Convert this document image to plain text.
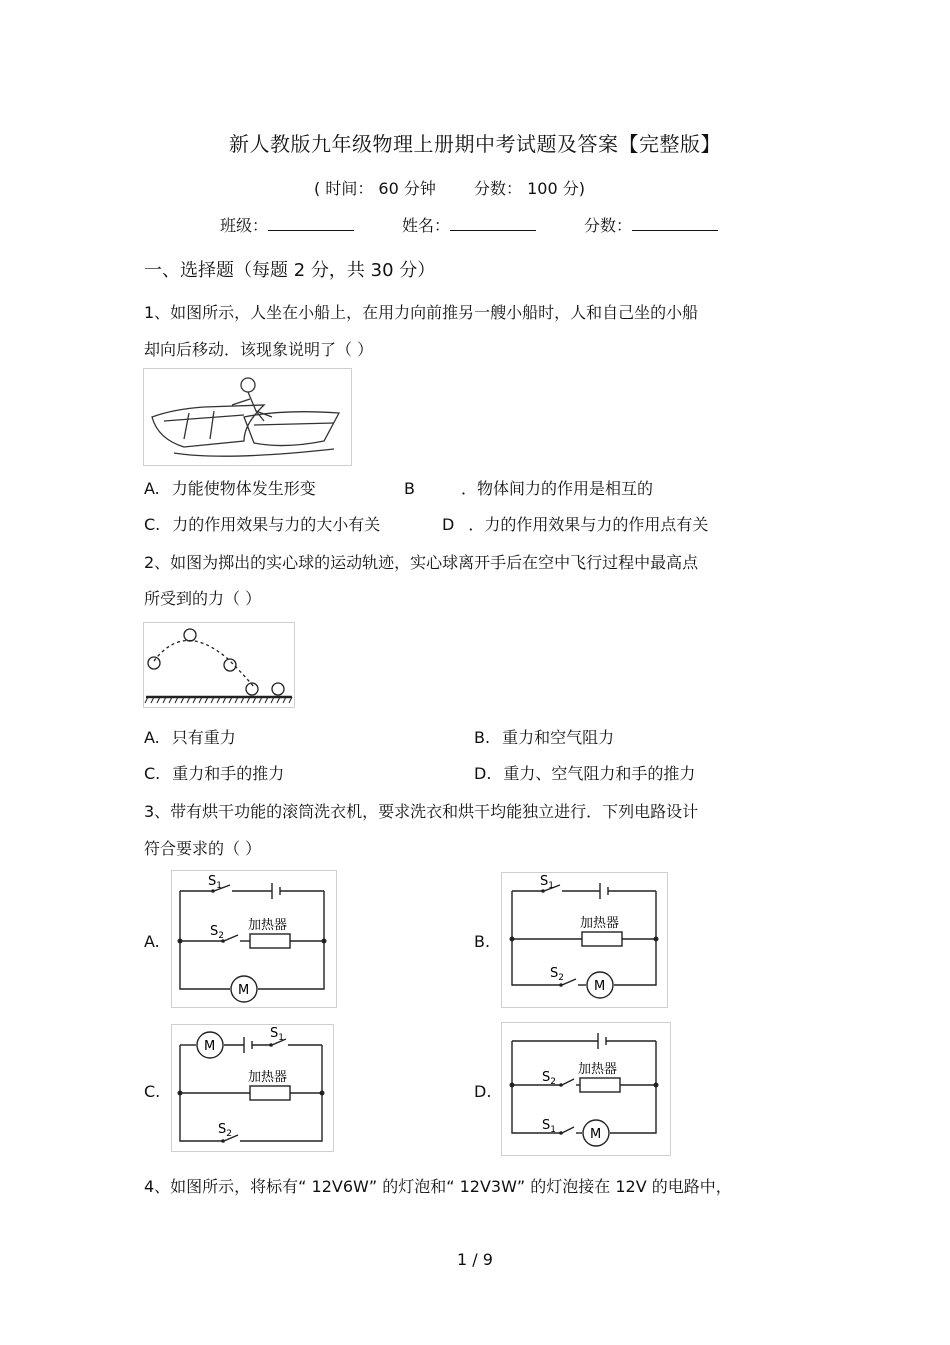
新人教版九年级物理上册期中考试题及答案【完整版】
( 时间： 60 分钟 分数： 100 分)
班级：	姓名：	分数：
一、选择题（每题 2 分，共 30 分）
1、如图所示，人坐在小船上，在用力向前推另一艘小船时，人和自己坐的小船
却向后移动．该现象说明了（ ）
A. 力能使物体发生形变	B	．物体间力的作用是相互的
C. 力的作用效果与力的大小有关	D ．力的作用效果与力的作用点有关
2、如图为掷出的实心球的运动轨迹，实心球离开手后在空中飞行过程中最高点
所受到的力（ ）
A. 只有重力	B. 重力和空气阻力
C. 重力和手的推力	D. 重力、空气阻力和手的推力
3、带有烘干功能的滚筒洗衣机，要求洗衣和烘干均能独立进行．下列电路设计
符合要求的（ ）
A.
$S_1$
$S_2$
加热器
M
B.
$S_1$
$S_2$
加热器
M
C.
$S_1$
$S_2$
加热器
M
D.
$S_2$
$S_1$
加热器
M
4、如图所示，将标有“ 12V6W” 的灯泡和“ 12V3W” 的灯泡接在 12V 的电路中，
1 / 9
